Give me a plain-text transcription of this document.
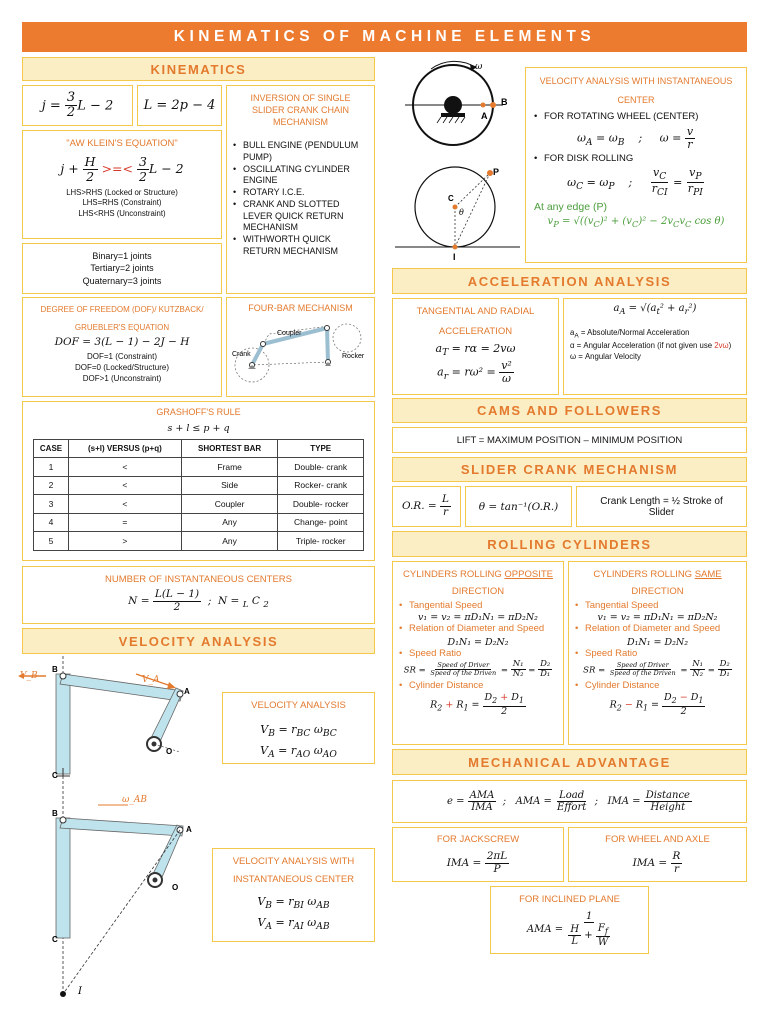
KINEMATICS OF MACHINE ELEMENTS
KINEMATICS
$j = \frac{3}{2}$ L − 2 L = 2p − 4
"AW KLEIN'S EQUATION"
$j + \frac{H}{2}$ >=< $\frac{3}{2}$ L − 2
LHS>RHS (Locked or Structure)
LHS=RHS (Constraint)
LHS<RHS (Unconstraint)
Binary=1 joints
Tertiary=2 joints
Quaternary=3 joints
INVERSION OF SINGLE SLIDER CRANK CHAIN MECHANISM
• BULL ENGINE (PENDULUM PUMP)
• OSCILLATING CYLINDER ENGINE
• ROTARY I.C.E.
• CRANK AND SLOTTED LEVER QUICK RETURN MECHANISM
• WITHWORTH QUICK RETURN MECHANISM
DEGREE OF FREEDOM (DOF)/ KUTZBACK/ GRUEBLER'S EQUATION
DOF = 3(L − 1) − 2J − H
DOF=1 (Constraint)
DOF=0 (Locked/Structure)
DOF>1 (Unconstraint)
FOUR-BAR MECHANISM
Coupler
Rocker
Crank
GRASHOFF'S RULE
s + l ≤ p + q
CASE	(s+l) VERSUS (p+q)	SHORTEST BAR	TYPE
1	<	Frame	Double- crank
2	<	Side	Rocker- crank
3	<	Coupler	Double- rocker
4	=	Any	Change- point
5	>	Any	Triple- rocker
NUMBER OF INSTANTANEOUS CENTERS
$N = \frac{L(L - 1)}{2}$ ;  N = $_L$ C $_2$
VELOCITY ANALYSIS
V_B	V_A
B
A
C
O
ω_AB
B
A
C
O
I
VELOCITY ANALYSIS
$V_B = r_{BC}$ $\omega_{BC}$
$V_A = r_{AO}$ $\omega_{AO}$
VELOCITY ANALYSIS WITH INSTANTANEOUS CENTER
$V_B = r_{BI}$ $\omega_{AB}$
$V_A = r_{AI}$ $\omega_{AB}$
ω
B
A
P
C
θ
I
VELOCITY ANALYSIS WITH INSTANTANEOUS CENTER
• FOR ROTATING WHEEL (CENTER)
$\omega_A = \omega_B$    ;     $\omega = \frac{v}{r}$
• FOR DISK ROLLING
$\omega_C = \omega_P$    ; $\frac{v_C}{r_{CI}} = \frac{v_P}{r_{PI}}$
At any edge (P)
$v_P = √((v_C)^2 + (v_C)^2 - 2v_Cv_C$ cos θ)
ACCELERATION ANALYSIS
TANGENTIAL AND RADIAL ACCELERATION
$a_T = r\alpha = 2v\omega$
$a_r = r\omega^2 = \frac{\text{v²}}{\omega}$
$a_A = √(a_t^2 + a_r^2)$
$a_A$ = Absolute/Normal Acceleration
α = Angular Acceleration (if not given use 2vω)
ω = Angular Velocity
CAMS AND FOLLOWERS
LIFT = MAXIMUM POSITION – MINIMUM POSITION
SLIDER CRANK MECHANISM
O.R. = $\frac{L}{r}$	θ = tan⁻¹(O.R.)	Crank Length = ½ Stroke of Slider
ROLLING CYLINDERS
CYLINDERS ROLLING OPPOSITE
DIRECTION
• Tangential Speed
v₁ = v₂ = πD₁N₁ = πD₂N₂
• Relation of Diameter and Speed
D₁N₁ = D₂N₂
• Speed Ratio
SR = $\frac{\text{Speed of Driver}}{\text{Speed of the Driven}} = \frac{\text{N₁}}{\text{N₂}} = \frac{\text{D₂}}{\text{D₁}}$
• Cylinder Distance
$R_2 + R_1 = \frac{D_2 + D_1}{2}$
CYLINDERS ROLLING SAME
DIRECTION
• Tangential Speed
v₁ = v₂ = πD₁N₁ = πD₂N₂
• Relation of Diameter and Speed
D₁N₁ = D₂N₂
• Speed Ratio
SR = $\frac{\text{Speed of Driver}}{\text{Speed of the Driven}} = \frac{\text{N₁}}{\text{N₂}} = \frac{\text{D₂}}{\text{D₁}}$
• Cylinder Distance
$R_2 - R_1 = \frac{D_2 - D_1}{2}$
MECHANICAL ADVANTAGE
$e = \frac{\text{AMA}}{\text{IMA}}$ ;   AMA = $\frac{\text{Load}}{\text{Effort}}$ ;   IMA = $\frac{\text{Distance}}{\text{Height}}$
FOR JACKSCREW
IMA = $\frac{2\pi L}{P}$
FOR WHEEL AND AXLE
IMA = $\frac{R}{r}$
FOR INCLINED PLANE
AMA = $\frac{1}{\frac{H}{L} + \frac{F_f}{W}}$
